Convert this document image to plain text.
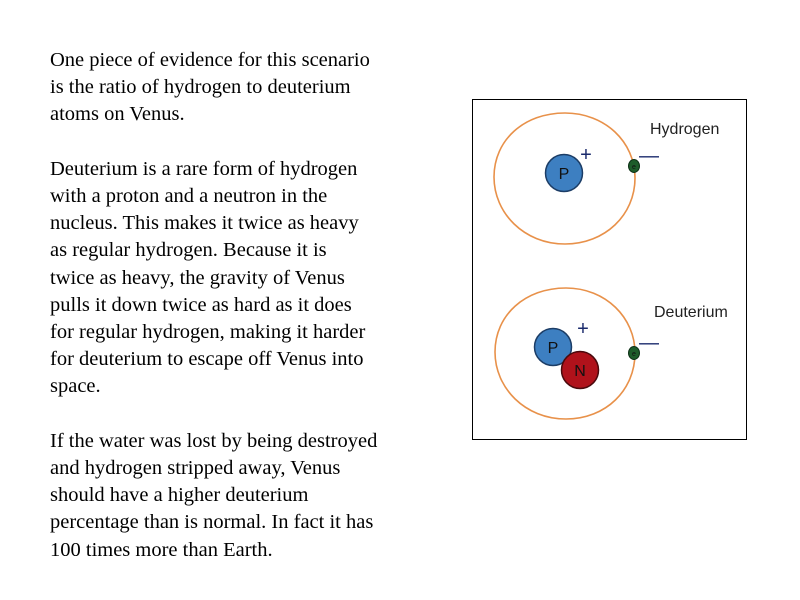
One piece of evidence for this scenario
is the ratio of hydrogen to deuterium
atoms on Venus.

Deuterium is a rare form of hydrogen
with a proton and a neutron in the
nucleus. This makes it twice as heavy
as regular hydrogen. Because it is
twice as heavy, the gravity of Venus
pulls it down twice as hard as it does
for regular hydrogen, making it harder
for deuterium to escape off Venus into
space.

If the water was lost by being destroyed
and hydrogen stripped away, Venus
should have a higher deuterium
percentage than is normal. In fact it has
100 times more than Earth.

P
+
e
—
Hydrogen
P
N
+
e
—
Deuterium
